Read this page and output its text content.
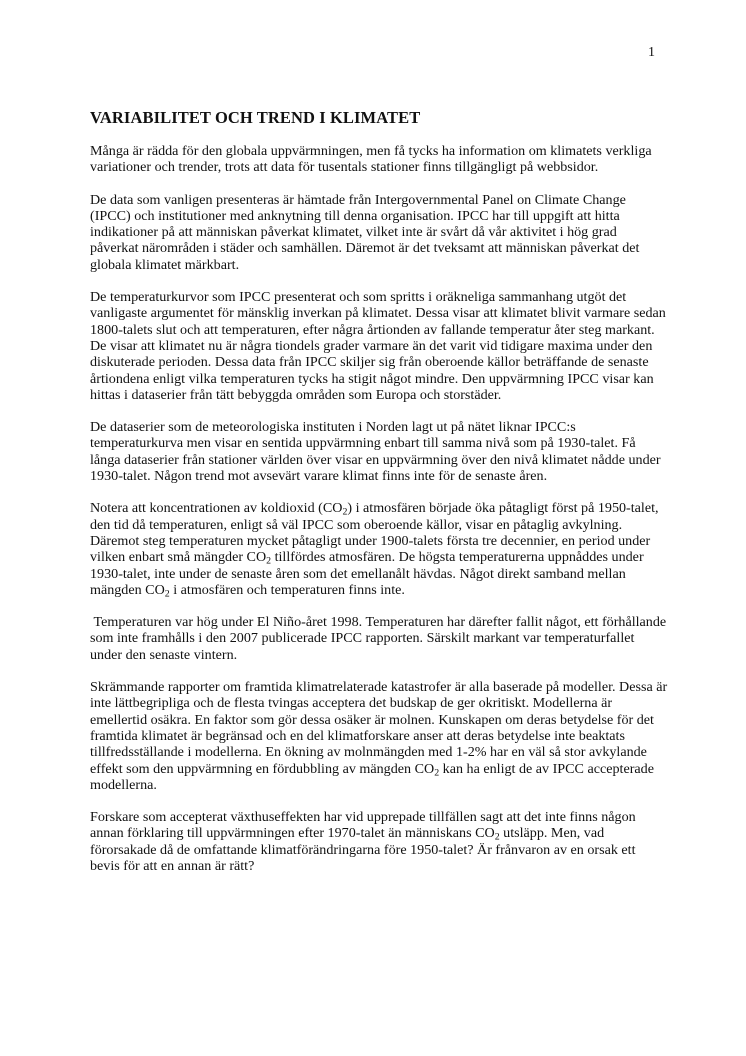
1
VARIABILITET OCH TREND I KLIMATET

Många är rädda för den globala uppvärmningen, men få tycks ha information om klimatets verkliga variationer och trender, trots att data för tusentals stationer finns tillgängligt på webbsidor.

De data som vanligen presenteras är hämtade från Intergovernmental Panel on Climate Change (IPCC) och institutioner med anknytning till denna organisation. IPCC har till uppgift att hitta indikationer på att människan påverkat klimatet, vilket inte är svårt då vår aktivitet i hög grad påverkat närområden i städer och samhällen. Däremot är det tveksamt att människan påverkat det globala klimatet märkbart.

De temperaturkurvor som IPCC presenterat och som spritts i oräkneliga sammanhang utgöt det vanligaste argumentet för mänsklig inverkan på klimatet. Dessa visar att klimatet blivit varmare sedan 1800-talets slut och att temperaturen, efter några årtionden av fallande temperatur åter steg markant. De visar att klimatet nu är några tiondels grader varmare än det varit vid tidigare maxima under den diskuterade perioden. Dessa data från IPCC skiljer sig från oberoende källor beträffande de senaste årtiondena enligt vilka temperaturen tycks ha stigit något mindre. Den uppvärmning IPCC visar kan hittas i dataserier från tätt bebyggda områden som Europa och storstäder.

De dataserier som de meteorologiska instituten i Norden lagt ut på nätet liknar IPCC:s temperaturkurva men visar en sentida uppvärmning enbart till samma nivå som på 1930-talet. Få långa dataserier från stationer världen över visar en uppvärmning över den nivå klimatet nådde under 1930-talet. Någon trend mot avsevärt varare klimat finns inte för de senaste åren.

Notera att koncentrationen av koldioxid $(CO_2)$ i atmosfären började öka påtagligt först på 1950-talet, den tid då temperaturen, enligt så väl IPCC som oberoende källor, visar en påtaglig avkylning. Däremot steg temperaturen mycket påtagligt under 1900-talets första tre decennier, en period under vilken enbart små mängder $CO_2$ tillfördes atmosfären. De högsta temperaturerna uppnåddes under 1930-talet, inte under de senaste åren som det emellanålt hävdas. Något direkt samband mellan mängden $CO_2$ i atmosfären och temperaturen finns inte.

Temperaturen var hög under El Niño-året 1998. Temperaturen har därefter fallit något, ett förhållande som inte framhålls i den 2007 publicerade IPCC rapporten. Särskilt markant var temperaturfallet under den senaste vintern.

Skrämmande rapporter om framtida klimatrelaterade katastrofer är alla baserade på modeller. Dessa är inte lättbegripliga och de flesta tvingas acceptera det budskap de ger okritiskt. Modellerna är emellertid osäkra. En faktor som gör dessa osäker är molnen. Kunskapen om deras betydelse för det framtida klimatet är begränsad och en del klimatforskare anser att deras betydelse inte beaktats tillfredsställande i modellerna. En ökning av molnmängden med 1-2% har en väl så stor avkylande effekt som den uppvärmning en fördubbling av mängden $CO_2$ kan ha enligt de av IPCC accepterade modellerna.

Forskare som accepterat växthuseffekten har vid upprepade tillfällen sagt att det inte finns någon annan förklaring till uppvärmningen efter 1970-talet än människans $CO_2$ utsläpp. Men, vad förorsakade då de omfattande klimatförändringarna före 1950-talet? Är frånvaron av en orsak ett bevis för att en annan är rätt?
